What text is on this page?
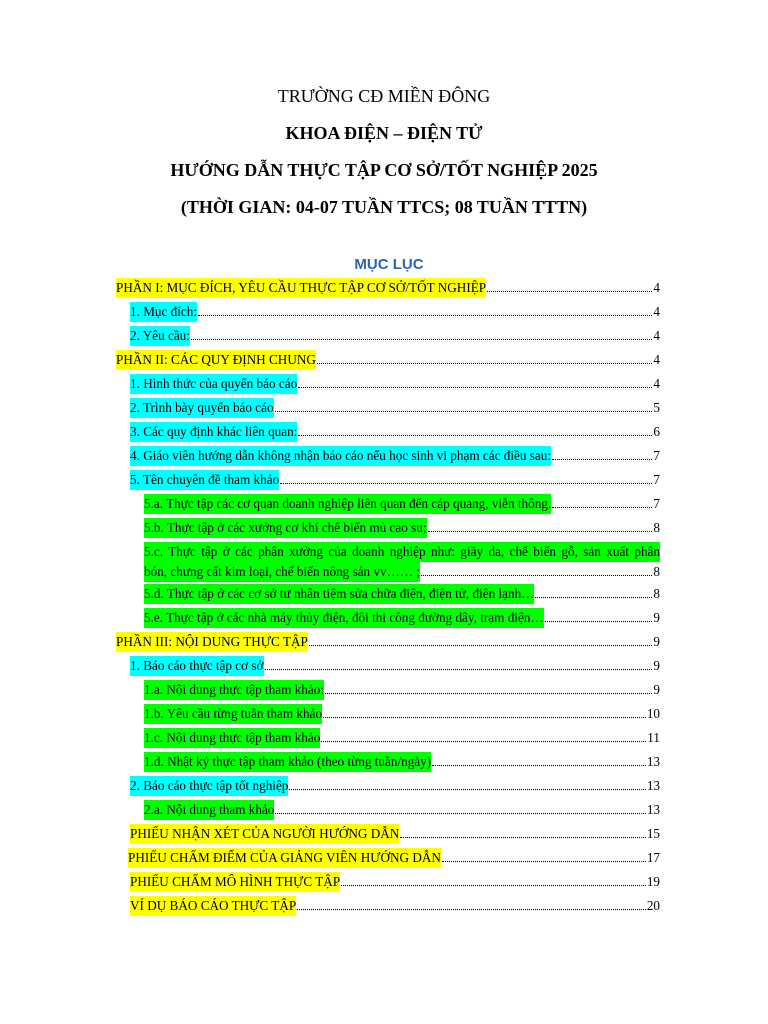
TRƯỜNG CĐ MIỀN ĐÔNG
KHOA ĐIỆN – ĐIỆN TỬ
HƯỚNG DẪN THỰC TẬP CƠ SỞ/TỐT NGHIỆP 2025
(THỜI GIAN: 04-07 TUẦN TTCS; 08 TUẦN TTTN)
MỤC LỤC
PHẦN I: MỤC ĐÍCH, YÊU CẦU THỰC TẬP CƠ SỞ/TỐT NGHIỆP	4
1. Mục đích:	4
2. Yêu cầu:	4
PHẦN II: CÁC QUY ĐỊNH CHUNG	4
1. Hình thức của quyển báo cáo	4
2. Trình bày quyển báo cáo	5
3. Các quy định khác liên quan:	6
4. Giáo viên hướng dẫn không nhận báo cáo nếu học sinh vi phạm các điều sau:	7
5. Tên chuyên đề tham khảo	7
5.a. Thực tập các cơ quan doanh nghiệp liên quan đến cáp quang, viễn thông.	7
5.b. Thực tập ở các xưởng cơ khí chế biến mủ cao su;	8
5.c. Thực tập ở các phân xưởng của doanh nghiệp như: giầy da, chế biến gỗ, sản xuất phân
bón, chưng cất kim loại, chế biến nông sản vv…… ;	8
5.d. Thực tập ở các cơ sở tư nhân tiệm sửa chữa điện, điện tử, điện lạnh…	8
5.e. Thực tập ở các nhà máy thủy điện, đội thi công đường dây, trạm điện…	9
PHẦN III: NỘI DUNG THỰC TẬP	9
1. Báo cáo thực tập cơ sở	9
1.a. Nội dung thực tập tham khảo:	9
1.b. Yêu cầu từng tuần tham khảo	10
1.c. Nội dung thực tập tham khảo	11
1.d. Nhật ký thực tập tham khảo (theo từng tuần/ngày)	13
2. Báo cáo thực tập tốt nghiệp	13
2.a. Nội dung tham khảo	13
PHIẾU NHẬN XÉT CỦA NGƯỜI HƯỚNG DẪN	15
PHIẾU CHẤM ĐIỂM CỦA GIẢNG VIÊN HƯỚNG DẪN	17
PHIẾU CHẤM MÔ HÌNH THỰC TẬP	19
VÍ DỤ BÁO CÁO THỰC TẬP	20
